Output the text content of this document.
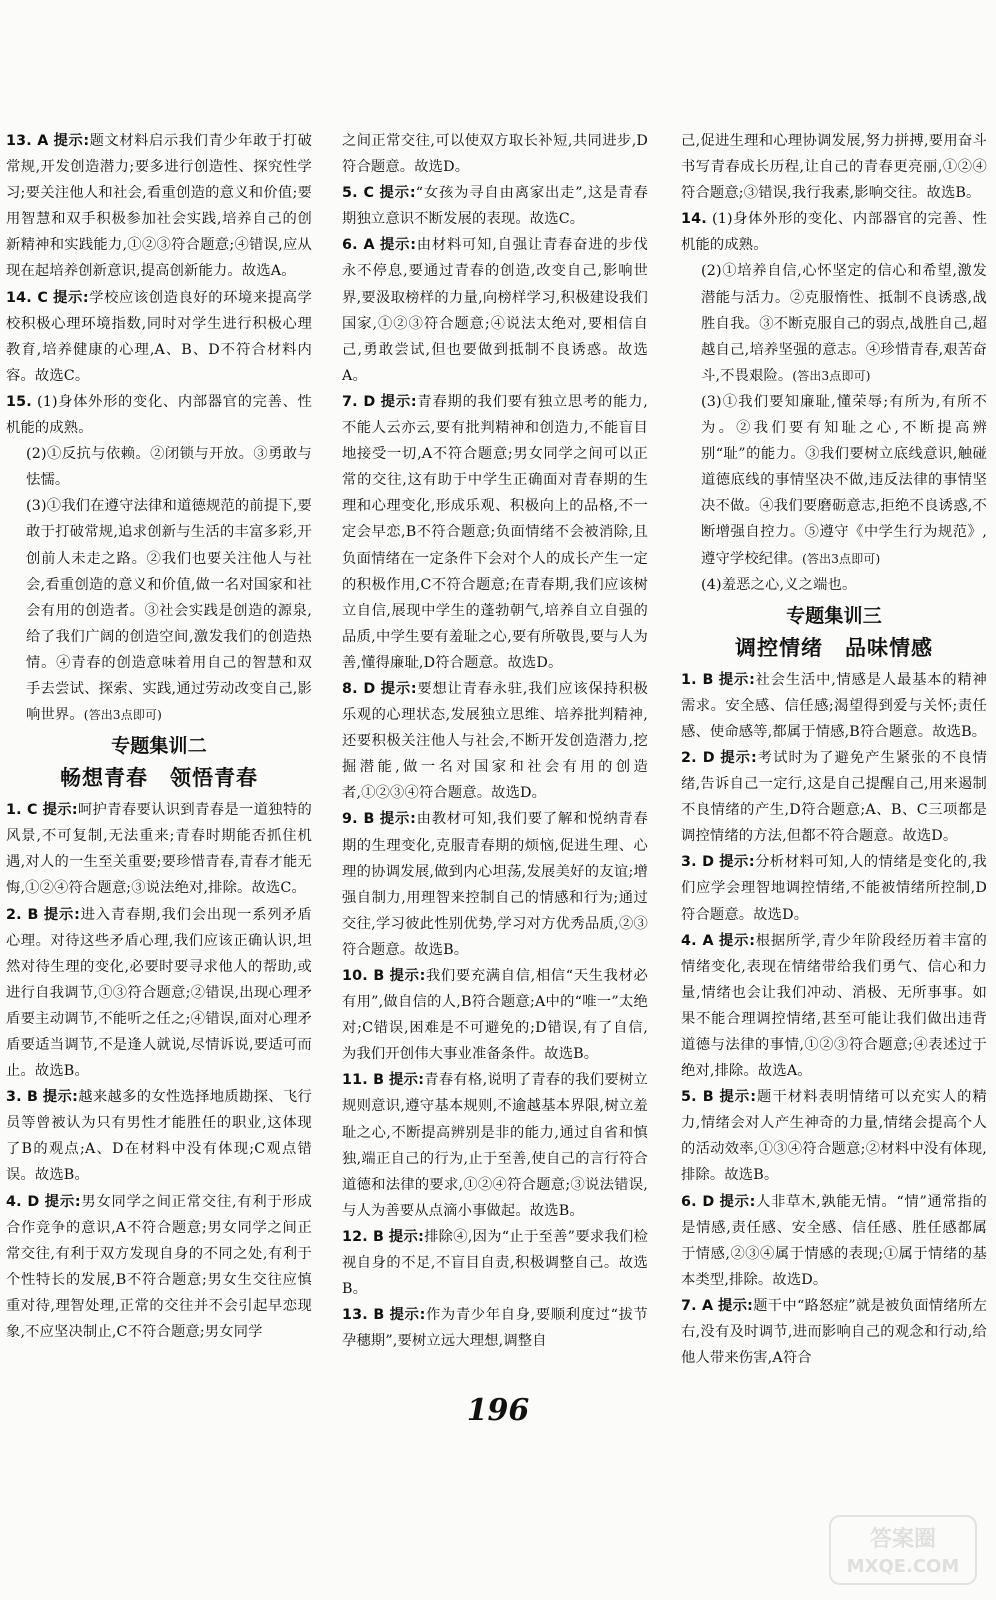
13. A 提示:题文材料启示我们青少年敢于打破常规,开发创造潜力;要多进行创造性、探究性学习;要关注他人和社会,看重创造的意义和价值;要用智慧和双手积极参加社会实践,培养自己的创新精神和实践能力,①②③符合题意;④错误,应从现在起培养创新意识,提高创新能力。故选A。

14. C 提示:学校应该创造良好的环境来提高学校积极心理环境指数,同时对学生进行积极心理教育,培养健康的心理,A、B、D不符合材料内容。故选C。

15. (1)身体外形的变化、内部器官的完善、性机能的成熟。

(2)①反抗与依赖。②闭锁与开放。③勇敢与怯懦。

(3)①我们在遵守法律和道德规范的前提下,要敢于打破常规,追求创新与生活的丰富多彩,开创前人未走之路。②我们也要关注他人与社会,看重创造的意义和价值,做一名对国家和社会有用的创造者。③社会实践是创造的源泉,给了我们广阔的创造空间,激发我们的创造热情。④青春的创造意味着用自己的智慧和双手去尝试、探索、实践,通过劳动改变自己,影响世界。(答出3点即可)

专题集训二
畅想青春　领悟青春

1. C 提示:呵护青春要认识到青春是一道独特的风景,不可复制,无法重来;青春时期能否抓住机遇,对人的一生至关重要;要珍惜青春,青春才能无悔,①②④符合题意;③说法绝对,排除。故选C。

2. B 提示:进入青春期,我们会出现一系列矛盾心理。对待这些矛盾心理,我们应该正确认识,坦然对待生理的变化,必要时要寻求他人的帮助,或进行自我调节,①③符合题意;②错误,出现心理矛盾要主动调节,不能听之任之;④错误,面对心理矛盾要适当调节,不是逢人就说,尽情诉说,要适可而止。故选B。

3. B 提示:越来越多的女性选择地质勘探、飞行员等曾被认为只有男性才能胜任的职业,这体现了B的观点;A、D在材料中没有体现;C观点错误。故选B。

4. D 提示:男女同学之间正常交往,有利于形成合作竞争的意识,A不符合题意;男女同学之间正常交往,有利于双方发现自身的不同之处,有利于个性特长的发展,B不符合题意;男女生交往应慎重对待,理智处理,正常的交往并不会引起早恋现象,不应坚决制止,C不符合题意;男女同学

之间正常交往,可以使双方取长补短,共同进步,D符合题意。故选D。

5. C 提示:“女孩为寻自由离家出走”,这是青春期独立意识不断发展的表现。故选C。

6. A 提示:由材料可知,自强让青春奋进的步伐永不停息,要通过青春的创造,改变自己,影响世界,要汲取榜样的力量,向榜样学习,积极建设我们国家,①②③符合题意;④说法太绝对,要相信自己,勇敢尝试,但也要做到抵制不良诱惑。故选A。

7. D 提示:青春期的我们要有独立思考的能力,不能人云亦云,要有批判精神和创造力,不能盲目地接受一切,A不符合题意;男女同学之间可以正常的交往,这有助于中学生正确面对青春期的生理和心理变化,形成乐观、积极向上的品格,不一定会早恋,B不符合题意;负面情绪不会被消除,且负面情绪在一定条件下会对个人的成长产生一定的积极作用,C不符合题意;在青春期,我们应该树立自信,展现中学生的蓬勃朝气,培养自立自强的品质,中学生要有羞耻之心,要有所敬畏,要与人为善,懂得廉耻,D符合题意。故选D。

8. D 提示:要想让青春永驻,我们应该保持积极乐观的心理状态,发展独立思维、培养批判精神,还要积极关注他人与社会,不断开发创造潜力,挖掘潜能,做一名对国家和社会有用的创造者,①②③④符合题意。故选D。

9. B 提示:由教材可知,我们要了解和悦纳青春期的生理变化,克服青春期的烦恼,促进生理、心理的协调发展,做到内心坦荡,发展美好的友谊;增强自制力,用理智来控制自己的情感和行为;通过交往,学习彼此性别优势,学习对方优秀品质,②③符合题意。故选B。

10. B 提示:我们要充满自信,相信“天生我材必有用”,做自信的人,B符合题意;A中的“唯一”太绝对;C错误,困难是不可避免的;D错误,有了自信,为我们开创伟大事业准备条件。故选B。

11. B 提示:青春有格,说明了青春的我们要树立规则意识,遵守基本规则,不逾越基本界限,树立羞耻之心,不断提高辨别是非的能力,通过自省和慎独,端正自己的行为,止于至善,使自己的言行符合道德和法律的要求,①②④符合题意;③说法错误,与人为善要从点滴小事做起。故选B。

12. B 提示:排除④,因为“止于至善”要求我们检视自身的不足,不盲目自责,积极调整自己。故选B。

13. B 提示:作为青少年自身,要顺利度过“拔节孕穗期”,要树立远大理想,调整自

己,促进生理和心理协调发展,努力拼搏,要用奋斗书写青春成长历程,让自己的青春更亮丽,①②④符合题意;③错误,我行我素,影响交往。故选B。

14. (1)身体外形的变化、内部器官的完善、性机能的成熟。

(2)①培养自信,心怀坚定的信心和希望,激发潜能与活力。②克服惰性、抵制不良诱惑,战胜自我。③不断克服自己的弱点,战胜自己,超越自己,培养坚强的意志。④珍惜青春,艰苦奋斗,不畏艰险。(答出3点即可)

(3)①我们要知廉耻,懂荣辱;有所为,有所不为。②我们要有知耻之心,不断提高辨别“耻”的能力。③我们要树立底线意识,触碰道德底线的事情坚决不做,违反法律的事情坚决不做。④我们要磨砺意志,拒绝不良诱惑,不断增强自控力。⑤遵守《中学生行为规范》,遵守学校纪律。(答出3点即可)

(4)羞恶之心,义之端也。

专题集训三
调控情绪　品味情感

1. B 提示:社会生活中,情感是人最基本的精神需求。安全感、信任感;渴望得到爱与关怀;责任感、使命感等,都属于情感,B符合题意。故选B。

2. D 提示:考试时为了避免产生紧张的不良情绪,告诉自己一定行,这是自己提醒自己,用来遏制不良情绪的产生,D符合题意;A、B、C三项都是调控情绪的方法,但都不符合题意。故选D。

3. D 提示:分析材料可知,人的情绪是变化的,我们应学会理智地调控情绪,不能被情绪所控制,D符合题意。故选D。

4. A 提示:根据所学,青少年阶段经历着丰富的情绪变化,表现在情绪带给我们勇气、信心和力量,情绪也会让我们冲动、消极、无所事事。如果不能合理调控情绪,甚至可能让我们做出违背道德与法律的事情,①②③符合题意;④表述过于绝对,排除。故选A。

5. B 提示:题干材料表明情绪可以充实人的精力,情绪会对人产生神奇的力量,情绪会提高个人的活动效率,①③④符合题意;②材料中没有体现,排除。故选B。

6. D 提示:人非草木,孰能无情。“情”通常指的是情感,责任感、安全感、信任感、胜任感都属于情感,②③④属于情感的表现;①属于情绪的基本类型,排除。故选D。

7. A 提示:题干中“路怒症”就是被负面情绪所左右,没有及时调节,进而影响自己的观念和行动,给他人带来伤害,A符合

196
答案圈
MXQE.COM
